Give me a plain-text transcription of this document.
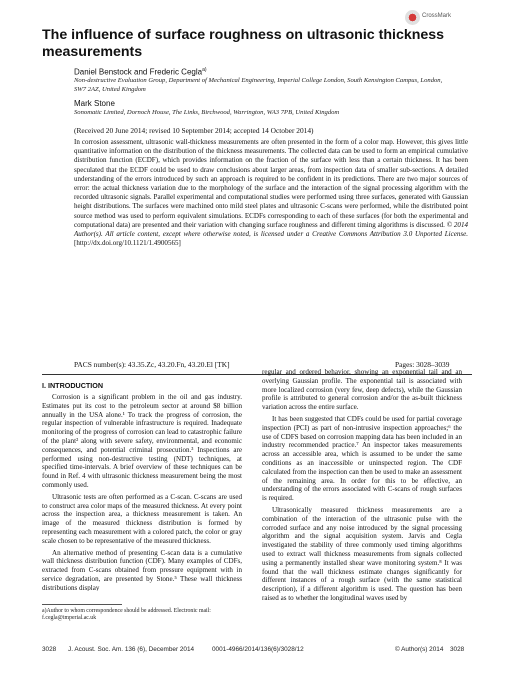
CrossMark
The influence of surface roughness on ultrasonic thickness measurements
Daniel Benstock and Frederic Cegla$^{a)}$
Non-destructive Evaluation Group, Department of Mechanical Engineering, Imperial College London, South Kensington Campus, London, SW7 2AZ, United Kingdom
Mark Stone
Sonomatic Limited, Dornoch House, The Links, Birchwood, Warrington, WA3 7PB, United Kingdom
(Received 20 June 2014; revised 10 September 2014; accepted 14 October 2014)
In corrosion assessment, ultrasonic wall-thickness measurements are often presented in the form of a color map. However, this gives little quantitative information on the distribution of the thickness measurements. The collected data can be used to form an empirical cumulative distribution function (ECDF), which provides information on the fraction of the surface with less than a certain thickness. It has been speculated that the ECDF could be used to draw conclusions about larger areas, from inspection data of smaller sub-sections. A detailed understanding of the errors introduced by such an approach is required to be confident in its predictions. There are two major sources of error: the actual thickness variation due to the morphology of the surface and the interaction of the signal processing algorithm with the recorded ultrasonic signals. Parallel experimental and computational studies were performed using three surfaces, generated with Gaussian height distributions. The surfaces were machined onto mild steel plates and ultrasonic C-scans were performed, while the distributed point source method was used to perform equivalent simulations. ECDFs corresponding to each of these surfaces (for both the experimental and computational data) are presented and their variation with changing surface roughness and different timing algorithms is discussed. © 2014 Author(s). All article content, except where otherwise noted, is licensed under a Creative Commons Attribution 3.0 Unported License. [http://dx.doi.org/10.1121/1.4900565]
PACS number(s): 43.35.Zc, 43.20.Fn, 43.20.El [TK]	Pages: 3028–3039
I. INTRODUCTION

Corrosion is a significant problem in the oil and gas industry. Estimates put its cost to the petroleum sector at around $8 billion annually in the USA alone.¹ To track the progress of corrosion, the regular inspection of vulnerable infrastructure is required. Inadequate monitoring of the progress of corrosion can lead to catastrophic failure of the plant² along with severe safety, environmental, and economic consequences, and potential criminal prosecution.³ Inspections are performed using non-destructive testing (NDT) techniques, at specified time-intervals. A brief overview of these techniques can be found in Ref. 4 with ultrasonic thickness measurement being the most commonly used.

Ultrasonic tests are often performed as a C-scan. C-scans are used to construct area color maps of the measured thickness. At every point across the inspection area, a thickness measurement is taken. An image of the measured thickness distribution is formed by representing each measurement with a colored patch, the color or gray scale chosen to be representative of the measured thickness.

An alternative method of presenting C-scan data is a cumulative wall thickness distribution function (CDF). Many examples of CDFs, extracted from C-scans obtained from pressure equipment with in service degradation, are presented by Stone.⁵ These wall thickness distributions display

regular and ordered behavior, showing an exponential tail and an overlying Gaussian profile. The exponential tail is associated with more localized corrosion (very few, deep defects), while the Gaussian profile is attributed to general corrosion and/or the as-built thickness variation across the entire surface.

It has been suggested that CDFs could be used for partial coverage inspection (PCI) as part of non-intrusive inspection approaches;⁶ the use of CDFS based on corrosion mapping data has been included in an industry recommended practice.⁷ An inspector takes measurements across an accessible area, which is assumed to be under the same conditions as an inaccessible or uninspected region. The CDF calculated from the inspection can then be used to make an assessment of the remaining area. In order for this to be effective, an understanding of the errors associated with C-scans of rough surfaces is required.

Ultrasonically measured thickness measurements are a combination of the interaction of the ultrasonic pulse with the corroded surface and any noise introduced by the signal processing algorithm and the signal acquisition system. Jarvis and Cegla investigated the stability of three commonly used timing algorithms used to extract wall thickness measurements from signals collected using a permanently installed shear wave monitoring system.⁸ It was found that the wall thickness estimate changes significantly for different instances of a rough surface (with the same statistical description), if a different algorithm is used. The question has been raised as to whether the longitudinal waves used by

a)Author to whom correspondence should be addressed. Electronic mail: f.cegla@imperial.ac.uk
3028 J. Acoust. Soc. Am. 136 (6), December 2014	0001-4966/2014/136(6)/3028/12	© Author(s) 2014 3028
